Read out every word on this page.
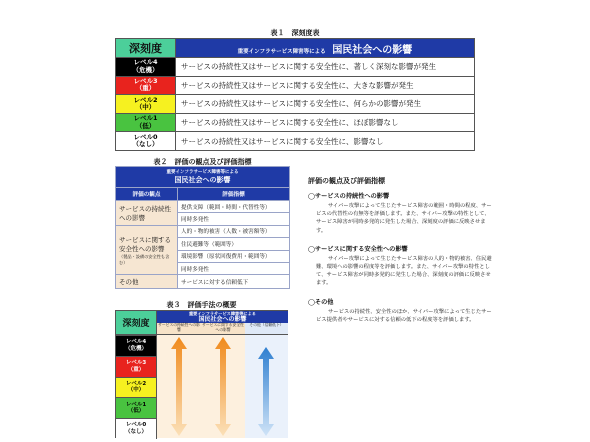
表１　深刻度表
深刻度	重要インフラサービス障害等による 国民社会への影響
レベル4
（危機）	サービスの持続性又はサービスに関する安全性に、著しく深刻な影響が発生
レベル3
（重）	サービスの持続性又はサービスに関する安全性に、大きな影響が発生
レベル2
（中）	サービスの持続性又はサービスに関する安全性に、何らかの影響が発生
レベル1
（低）	サービスの持続性又はサービスに関する安全性に、ほぼ影響なし
レベル0
（なし）	サービスの持続性又はサービスに関する安全性に、影響なし
表２　評価の観点及び評価指標
重要インフラサービス障害等による
国民社会への影響	
評価の観点	評価指標
サービスの持続性への影響	提供支障（範囲・時間・代替性等）
	同時多発性
サービスに関する安全性への影響
（製品・設備の安全性も含む）	人的・物的被害（人数・被害額等）
	住民避難等（範囲等）
	環境影響（原状回復費用・範囲等）
	同時多発性
その他	サービスに対する信頼低下
表３　評価手法の概要
深刻度
重要インフラサービス障害等による
国民社会への影響
サービスの持続性への影響
サービスに関する安全性への影響
その他（信頼低下）
レベル4
（危機）
レベル3
（重）
レベル2
（中）
レベル1
（低）
レベル0
（なし）
評価の観点及び評価指標
◯サービスの持続性への影響
サイバー攻撃によって生じたサービス障害の範囲・時間の程度、サービスの代替性の有無等を評価します。また、サイバー攻撃の特性として、サービス障害が同時多発的に発生した場合、深刻度の評価に反映させます。
◯サービスに関する安全性への影響
サイバー攻撃によって生じたサービス障害の人的・物的被害、住民避難、環境への影響の程度等を評価します。また、サイバー攻撃の特性として、サービス障害が同時多発的に発生した場合、深刻度の評価に反映させます。
◯その他
サービスの持続性、安全性のほか、サイバー攻撃によって生じたサービス提供者やサービスに対する信頼の低下の程度等を評価します。
